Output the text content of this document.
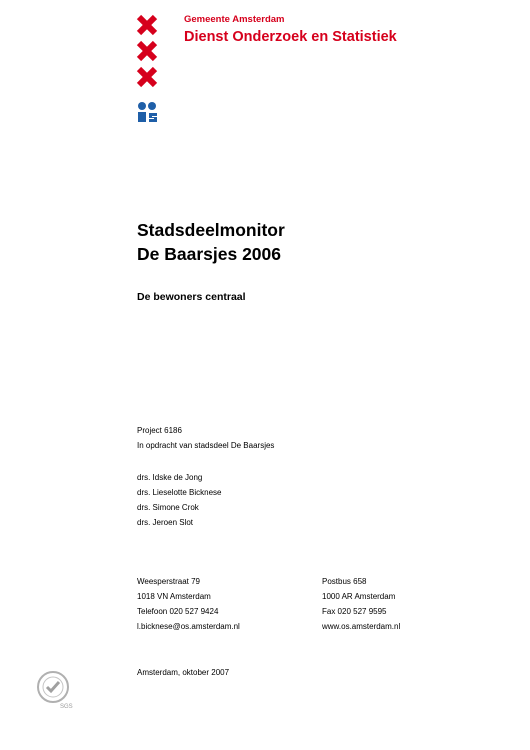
Gemeente Amsterdam
Dienst Onderzoek en Statistiek
Stadsdeelmonitor
De Baarsjes 2006
De bewoners centraal
Project 6186
In opdracht van stadsdeel De Baarsjes
drs. Idske de Jong
drs. Lieselotte Bicknese
drs. Simone Crok
drs. Jeroen Slot
Weesperstraat 79
1018 VN Amsterdam
Telefoon 020 527 9424
l.bicknese@os.amsterdam.nl
Postbus 658
1000 AR Amsterdam
Fax 020 527 9595
www.os.amsterdam.nl
Amsterdam, oktober 2007
SGS
